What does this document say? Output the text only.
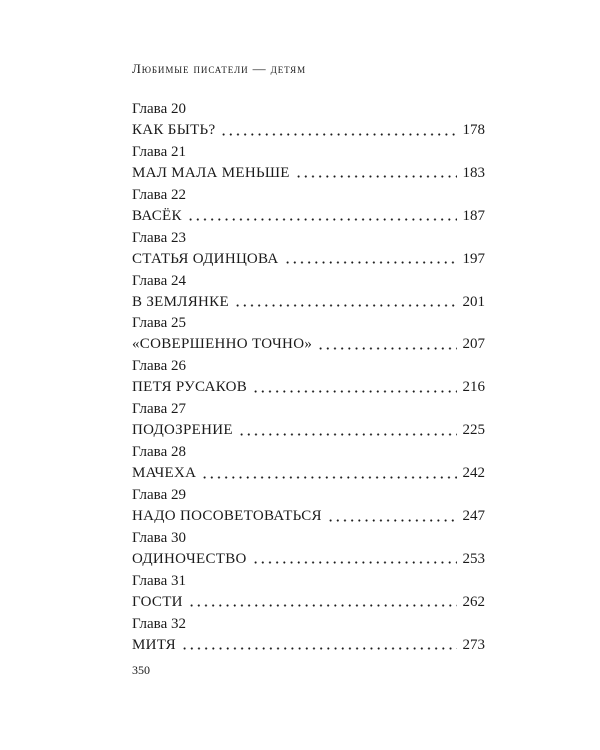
Любимые писатели — детям
Глава 20
КАК БЫТЬ?	178
Глава 21
МАЛ МАЛА МЕНЬШЕ	183
Глава 22
ВАСЁК	187
Глава 23
СТАТЬЯ ОДИНЦОВА	197
Глава 24
В ЗЕМЛЯНКЕ	201
Глава 25
«СОВЕРШЕННО ТОЧНО»	207
Глава 26
ПЕТЯ РУСАКОВ	216
Глава 27
ПОДОЗРЕНИЕ	225
Глава 28
МАЧЕХА	242
Глава 29
НАДО ПОСОВЕТОВАТЬСЯ	247
Глава 30
ОДИНОЧЕСТВО	253
Глава 31
ГОСТИ	262
Глава 32
МИТЯ	273
350
